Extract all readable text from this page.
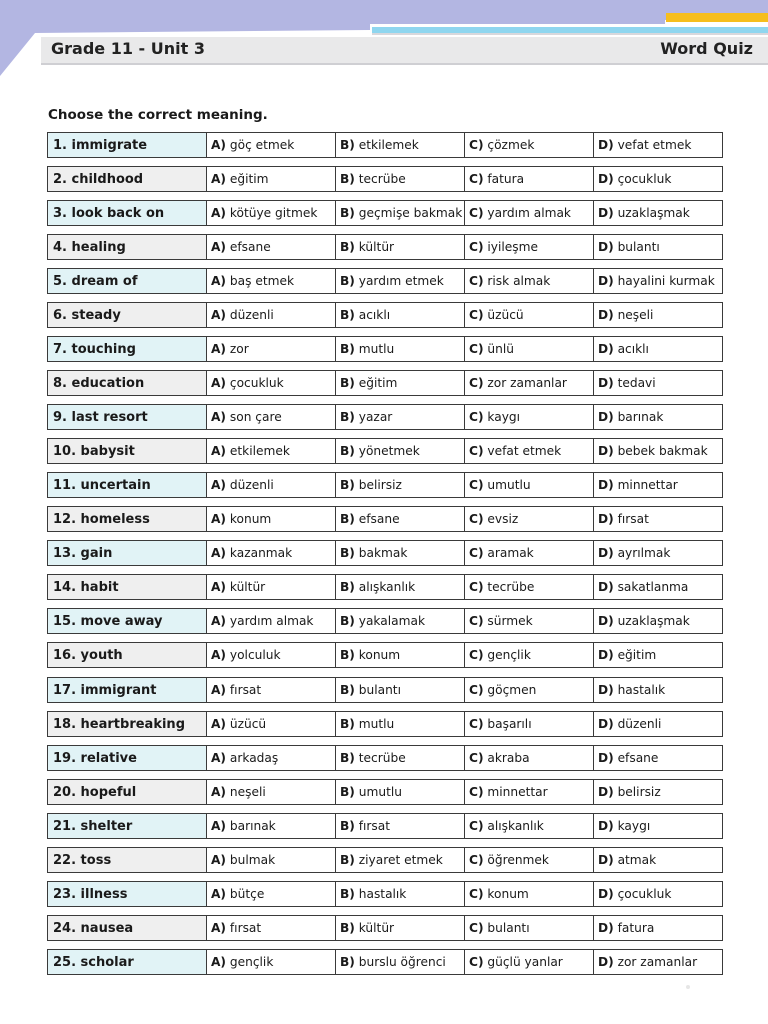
Grade 11 - Unit 3	Word Quiz
Choose the correct meaning.
1. immigrate	A) göç etmek	B) etkilemek	C) çözmek	D) vefat etmek
2. childhood	A) eğitim	B) tecrübe	C) fatura	D) çocukluk
3. look back on	A) kötüye gitmek	B) geçmişe bakmak C) yardım almak	D) uzaklaşmak
4. healing	A) efsane	B) kültür	C) iyileşme	D) bulantı
5. dream of	A) baş etmek	B) yardım etmek	C) risk almak	D) hayalini kurmak
6. steady	A) düzenli	B) acıklı	C) üzücü	D) neşeli
7. touching	A) zor	B) mutlu	C) ünlü	D) acıklı
8. education	A) çocukluk	B) eğitim	C) zor zamanlar	D) tedavi
9. last resort	A) son çare	B) yazar	C) kaygı	D) barınak
10. babysit	A) etkilemek	B) yönetmek	C) vefat etmek	D) bebek bakmak
11. uncertain	A) düzenli	B) belirsiz	C) umutlu	D) minnettar
12. homeless	A) konum	B) efsane	C) evsiz	D) fırsat
13. gain	A) kazanmak	B) bakmak	C) aramak	D) ayrılmak
14. habit	A) kültür	B) alışkanlık	C) tecrübe	D) sakatlanma
15. move away	A) yardım almak	B) yakalamak	C) sürmek	D) uzaklaşmak
16. youth	A) yolculuk	B) konum	C) gençlik	D) eğitim
17. immigrant	A) fırsat	B) bulantı	C) göçmen	D) hastalık
18. heartbreaking	A) üzücü	B) mutlu	C) başarılı	D) düzenli
19. relative	A) arkadaş	B) tecrübe	C) akraba	D) efsane
20. hopeful	A) neşeli	B) umutlu	C) minnettar	D) belirsiz
21. shelter	A) barınak	B) fırsat	C) alışkanlık	D) kaygı
22. toss	A) bulmak	B) ziyaret etmek	C) öğrenmek	D) atmak
23. illness	A) bütçe	B) hastalık	C) konum	D) çocukluk
24. nausea	A) fırsat	B) kültür	C) bulantı	D) fatura
25. scholar	A) gençlik	B) burslu öğrenci	C) güçlü yanlar	D) zor zamanlar
